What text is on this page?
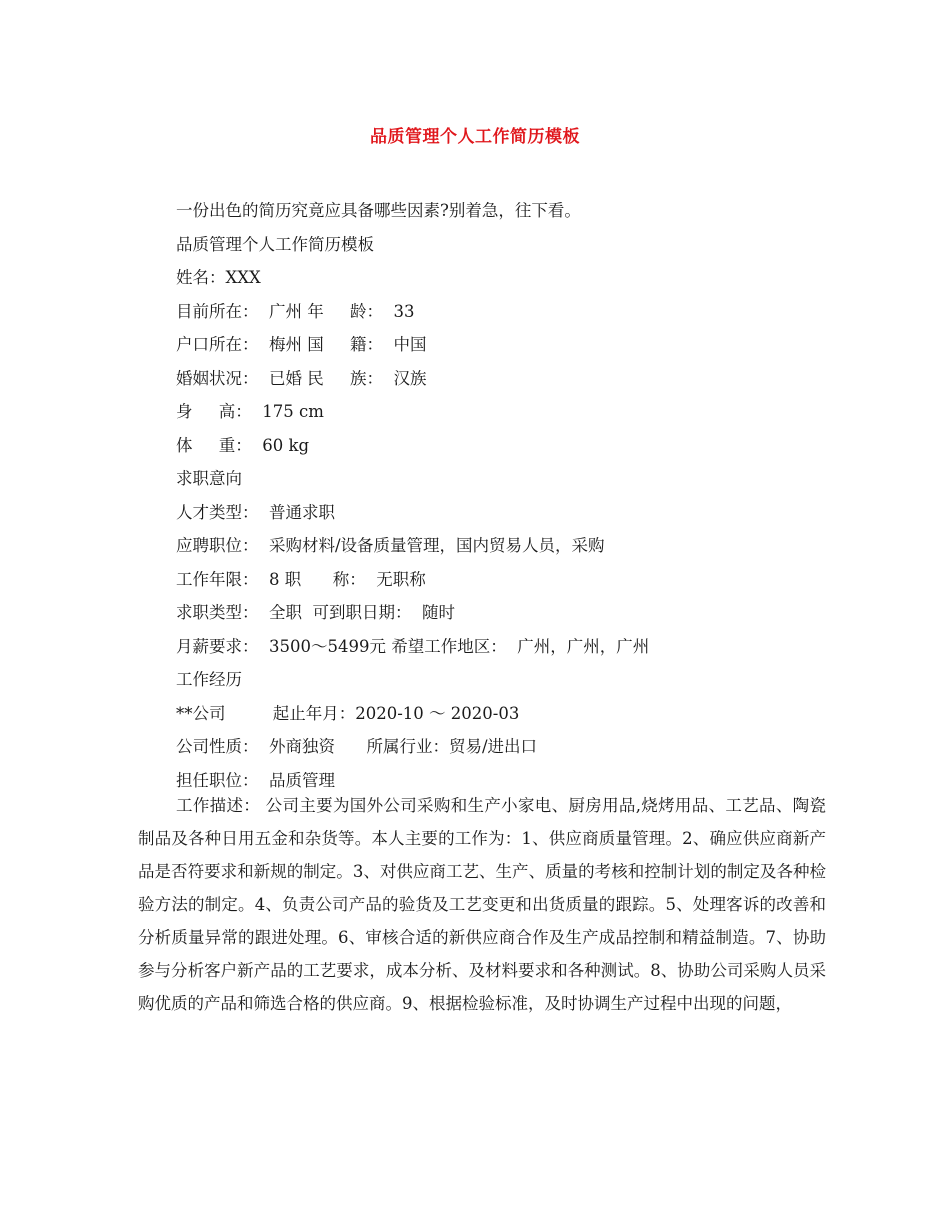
品质管理个人工作简历模板
一份出色的简历究竟应具备哪些因素?别着急，往下看。
品质管理个人工作简历模板
姓名：XXX
目前所在：  广州 年     龄：  33
户口所在：  梅州 国     籍：  中国
婚姻状况：  已婚 民     族：  汉族
身     高：  175 cm
体     重：  60 kg
求职意向
人才类型：  普通求职
应聘职位：  采购材料/设备质量管理，国内贸易人员，采购
工作年限：  8 职      称：  无职称
求职类型：  全职  可到职日期：  随时
月薪要求：  3500～5499元 希望工作地区：  广州，广州，广州
工作经历
**公司         起止年月：2020-10 ～ 2020-03
公司性质：  外商独资      所属行业：贸易/进出口
担任职位：  品质管理
工作描述： 公司主要为国外公司采购和生产小家电、厨房用品,烧烤用品、工艺品、陶瓷制品及各种日用五金和杂货等。本人主要的工作为：1、供应商质量管理。2、确应供应商新产品是否符要求和新规的制定。3、对供应商工艺、生产、质量的考核和控制计划的制定及各种检验方法的制定。4、负责公司产品的验货及工艺变更和出货质量的跟踪。5、处理客诉的改善和分析质量异常的跟进处理。6、审核合适的新供应商合作及生产成品控制和精益制造。7、协助参与分析客户新产品的工艺要求，成本分析、及材料要求和各种测试。8、协助公司采购人员采购优质的产品和筛选合格的供应商。9、根据检验标准，及时协调生产过程中出现的问题，
